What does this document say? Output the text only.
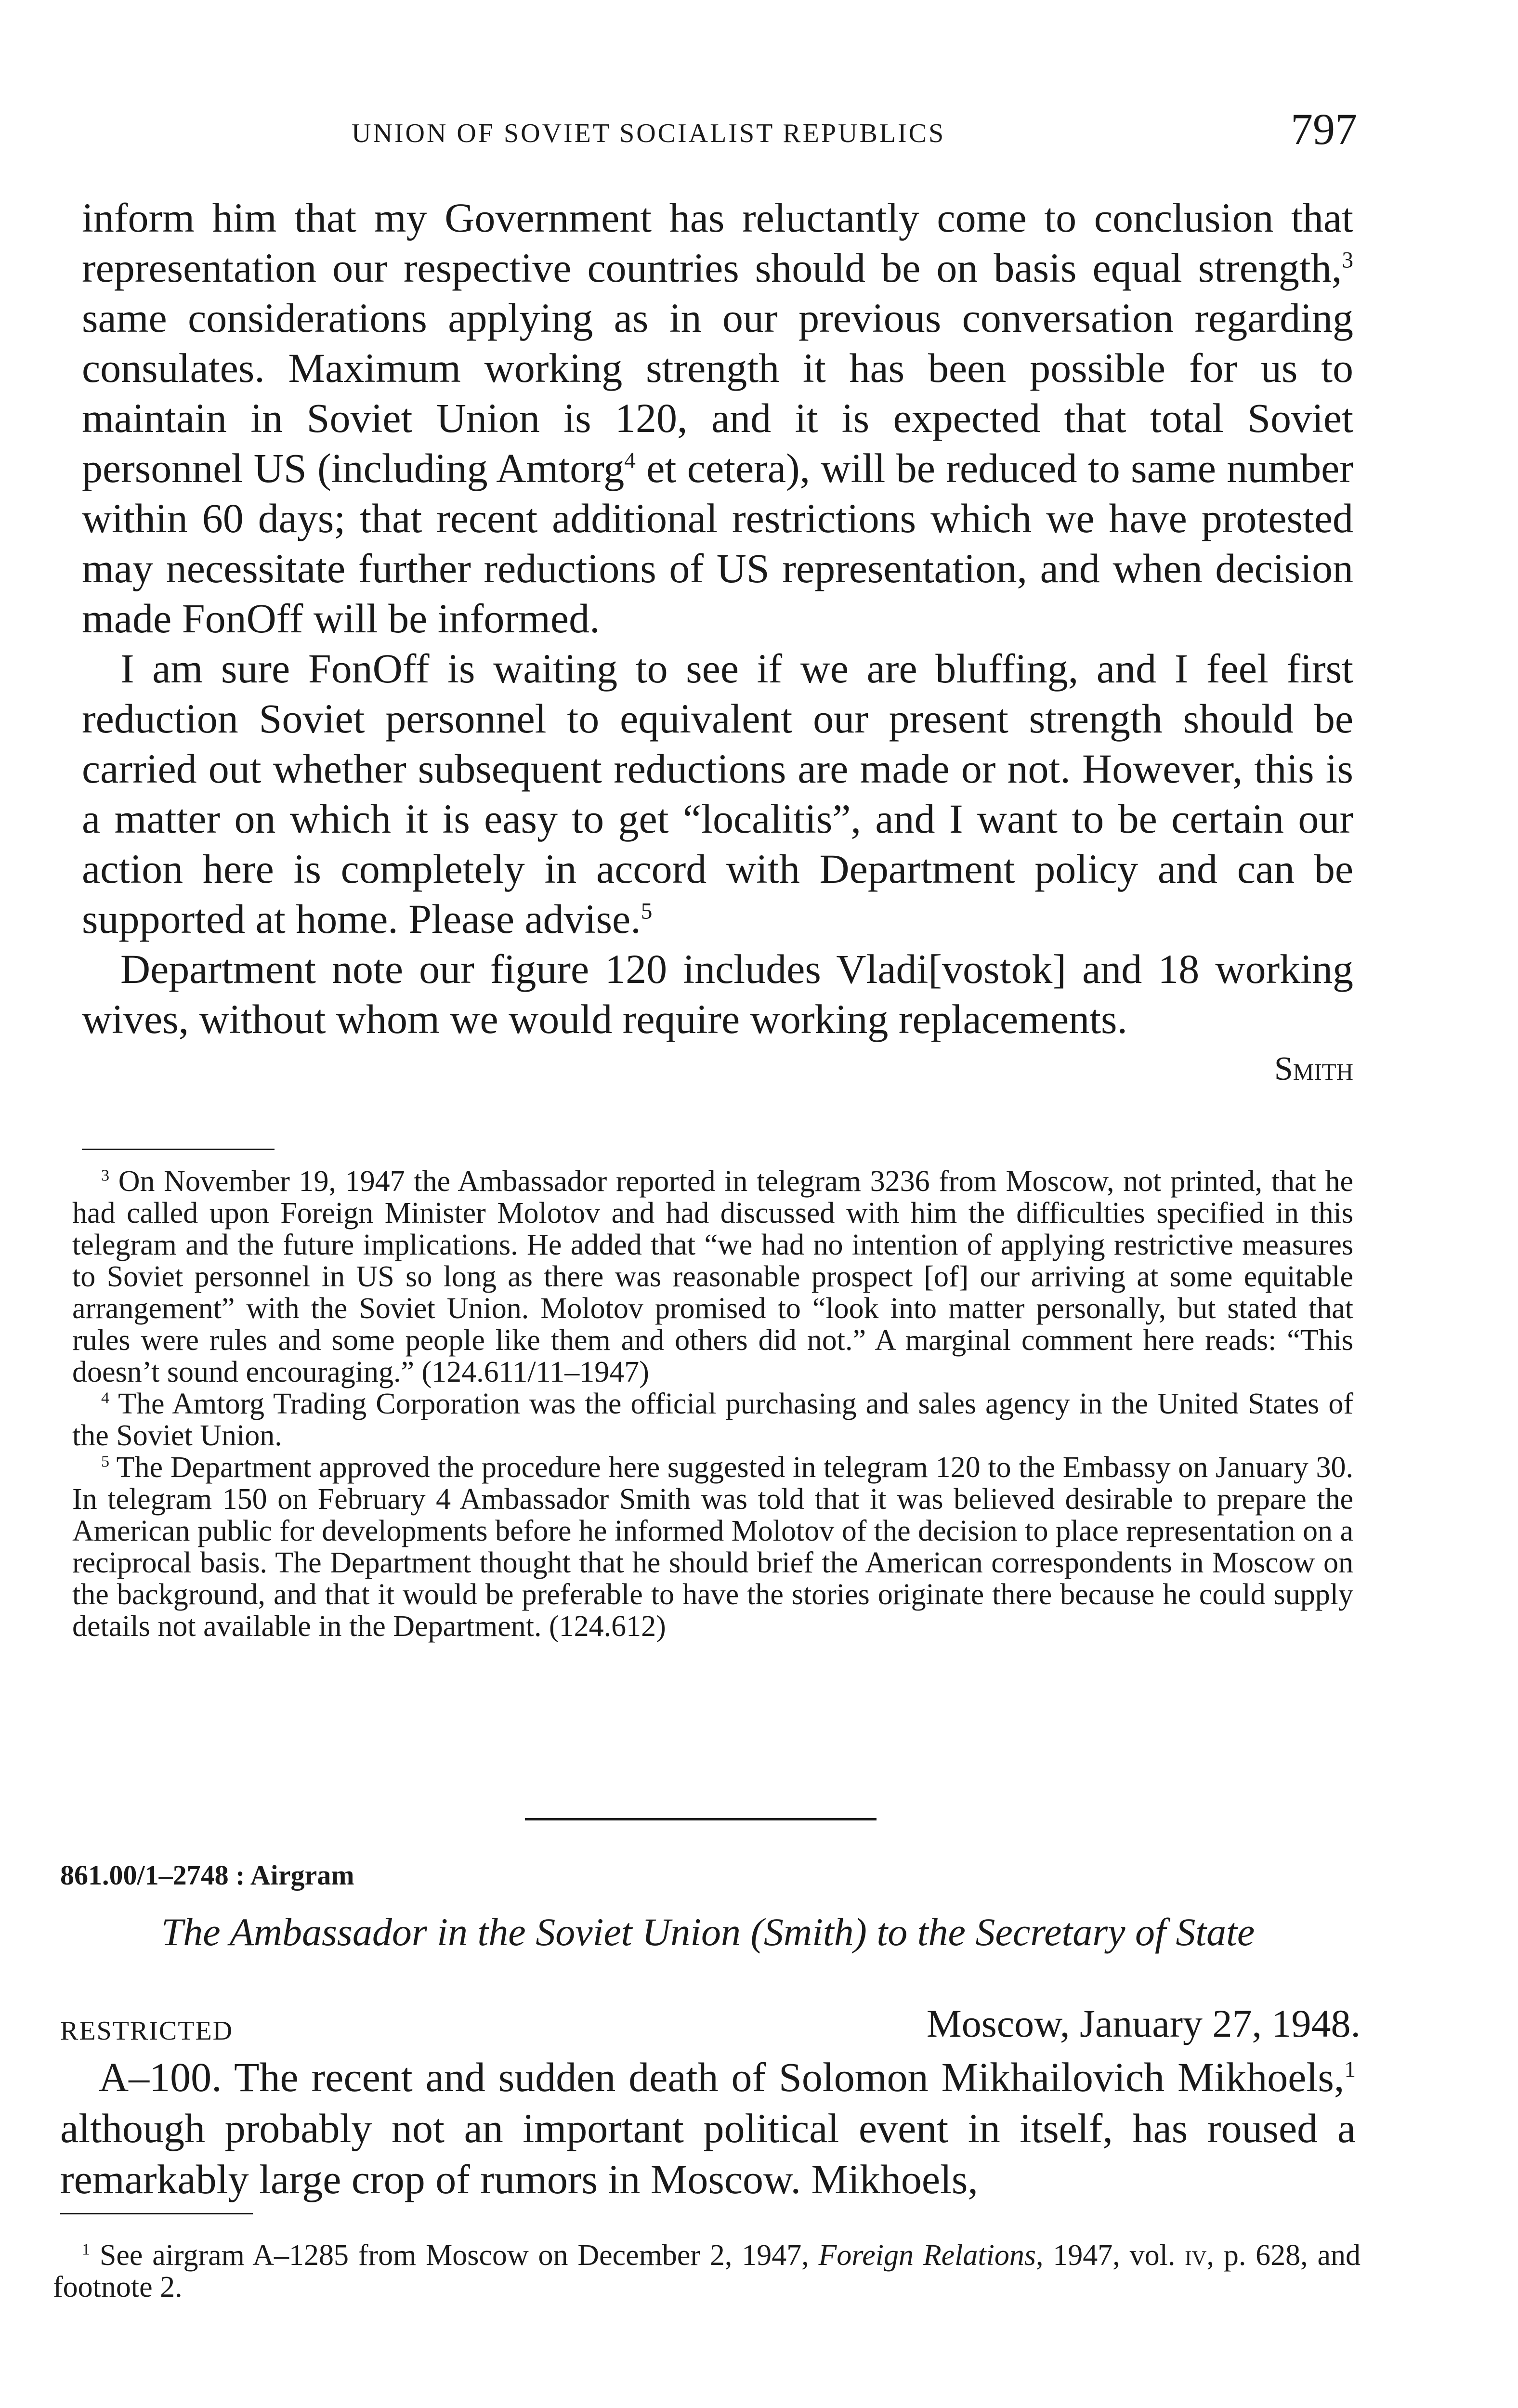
UNION OF SOVIET SOCIALIST REPUBLICS	797

inform him that my Government has reluctantly come to conclusion that representation our respective countries should be on basis equal strength,$^3$ same considerations applying as in our previous conversation regarding consulates. Maximum working strength it has been possible for us to maintain in Soviet Union is 120, and it is expected that total Soviet personnel US (including Amtorg$^4$ et cetera), will be reduced to same number within 60 days; that recent additional restrictions which we have protested may necessitate further reductions of US representation, and when decision made FonOff will be informed.

I am sure FonOff is waiting to see if we are bluffing, and I feel first reduction Soviet personnel to equivalent our present strength should be carried out whether subsequent reductions are made or not. However, this is a matter on which it is easy to get “localitis”, and I want to be certain our action here is completely in accord with Department policy and can be supported at home. Please advise.$^5$

Department note our figure 120 includes Vladi[vostok] and 18 working wives, without whom we would require working replacements.

Smith

$^3$ On November 19, 1947 the Ambassador reported in telegram 3236 from Moscow, not printed, that he had called upon Foreign Minister Molotov and had discussed with him the difficulties specified in this telegram and the future implications. He added that “we had no intention of applying restrictive measures to Soviet personnel in US so long as there was reasonable prospect [of] our arriving at some equitable arrangement” with the Soviet Union. Molotov promised to “look into matter personally, but stated that rules were rules and some people like them and others did not.” A marginal comment here reads: “This doesn’t sound encouraging.” (124.611/11–1947)

$^4$ The Amtorg Trading Corporation was the official purchasing and sales agency in the United States of the Soviet Union.

$^5$ The Department approved the procedure here suggested in telegram 120 to the Embassy on January 30. In telegram 150 on February 4 Ambassador Smith was told that it was believed desirable to prepare the American public for developments before he informed Molotov of the decision to place representation on a reciprocal basis. The Department thought that he should brief the American correspondents in Moscow on the background, and that it would be preferable to have the stories originate there because he could supply details not available in the Department. (124.612)

861.00/1–2748 : Airgram
The Ambassador in the Soviet Union (Smith) to the Secretary of State
RESTRICTED	Moscow, January 27, 1948.

A–100. The recent and sudden death of Solomon Mikhailovich Mikhoels,$^1$ although probably not an important political event in itself, has roused a remarkably large crop of rumors in Moscow. Mikhoels,

$^1$ See airgram A–1285 from Moscow on December 2, 1947, Foreign Relations, 1947, vol. iv, p. 628, and footnote 2.
